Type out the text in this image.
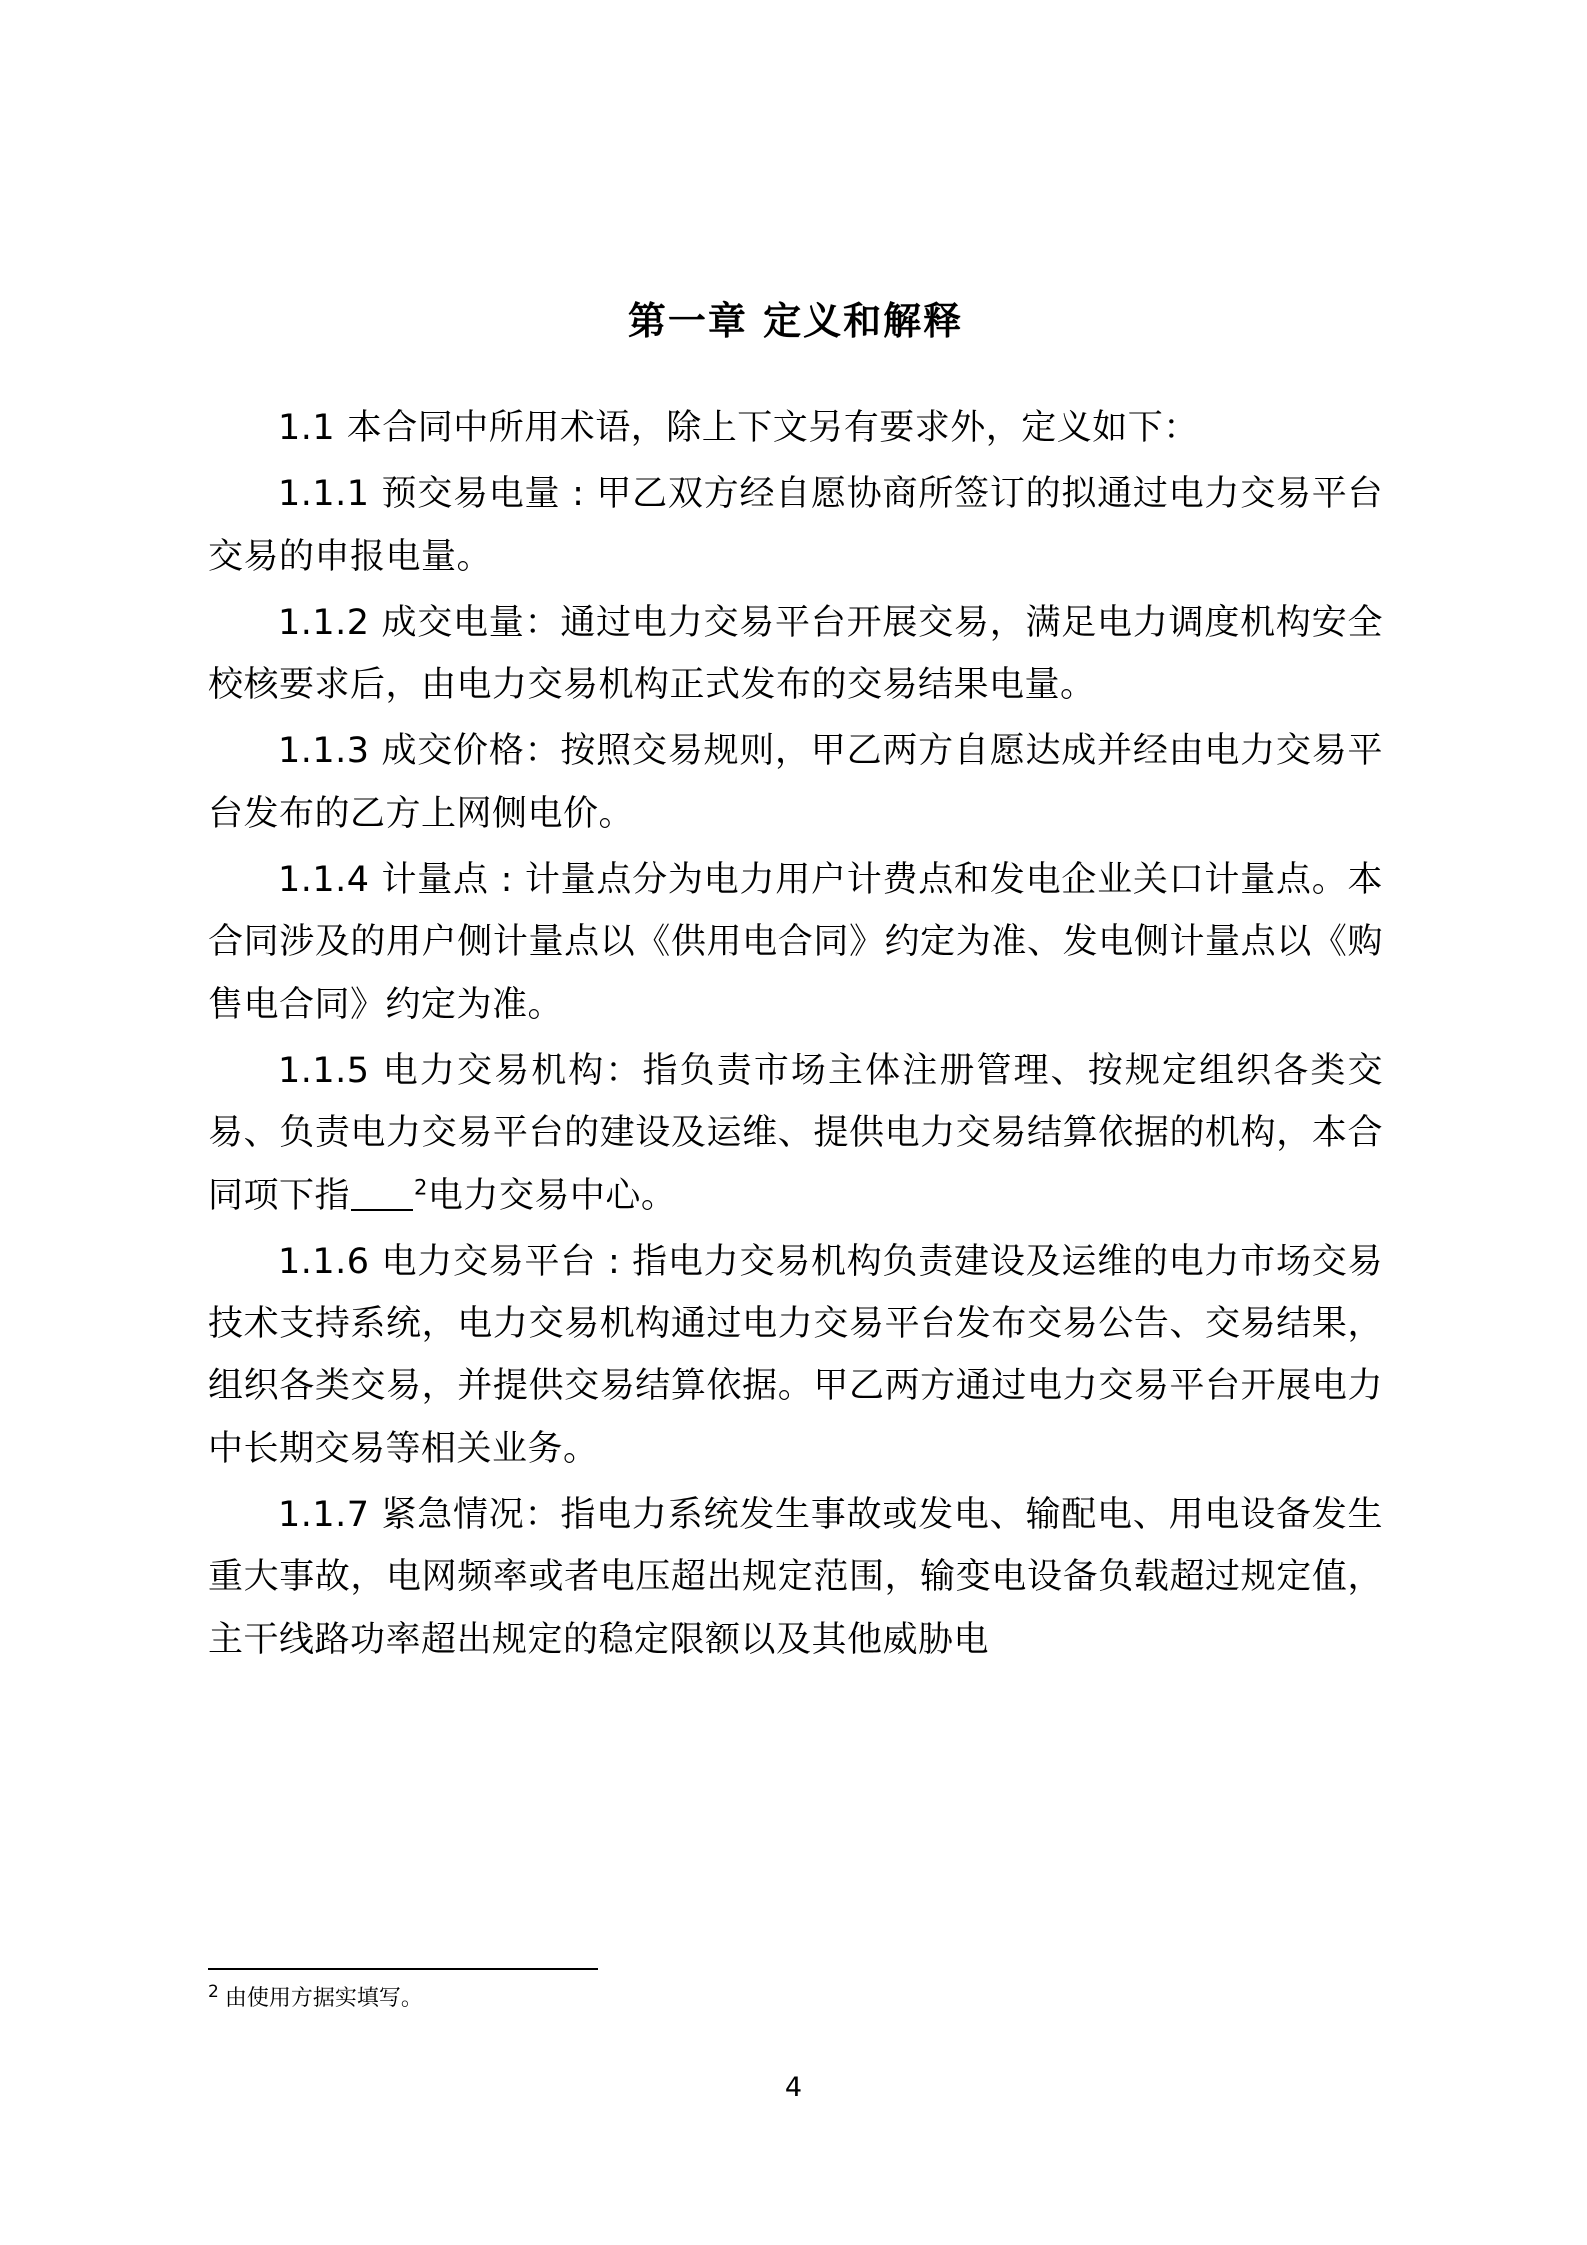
第一章 定义和解释

1.1 本合同中所用术语，除上下文另有要求外，定义如下：

1.1.1 预交易电量 : 甲乙双方经自愿协商所签订的拟通过电力交易平台交易的申报电量。

1.1.2 成交电量：通过电力交易平台开展交易，满足电力调度机构安全校核要求后，由电力交易机构正式发布的交易结果电量。

1.1.3 成交价格：按照交易规则，甲乙两方自愿达成并经由电力交易平台发布的乙方上网侧电价。

1.1.4 计量点 : 计量点分为电力用户计费点和发电企业关口计量点。本合同涉及的用户侧计量点以《供用电合同》约定为准、发电侧计量点以《购售电合同》约定为准。

1.1.5 电力交易机构：指负责市场主体注册管理、按规定组织各类交易、负责电力交易平台的建设及运维、提供电力交易结算依据的机构，本合同项下指	$^2$电力交易中心。

1.1.6 电力交易平台 : 指电力交易机构负责建设及运维的电力市场交易技术支持系统，电力交易机构通过电力交易平台发布交易公告、交易结果，组织各类交易，并提供交易结算依据。甲乙两方通过电力交易平台开展电力中长期交易等相关业务。

1.1.7 紧急情况：指电力系统发生事故或发电、输配电、用电设备发生重大事故，电网频率或者电压超出规定范围，输变电设备负载超过规定值，主干线路功率超出规定的稳定限额以及其他威胁电

$^2$ 由使用方据实填写。
4
